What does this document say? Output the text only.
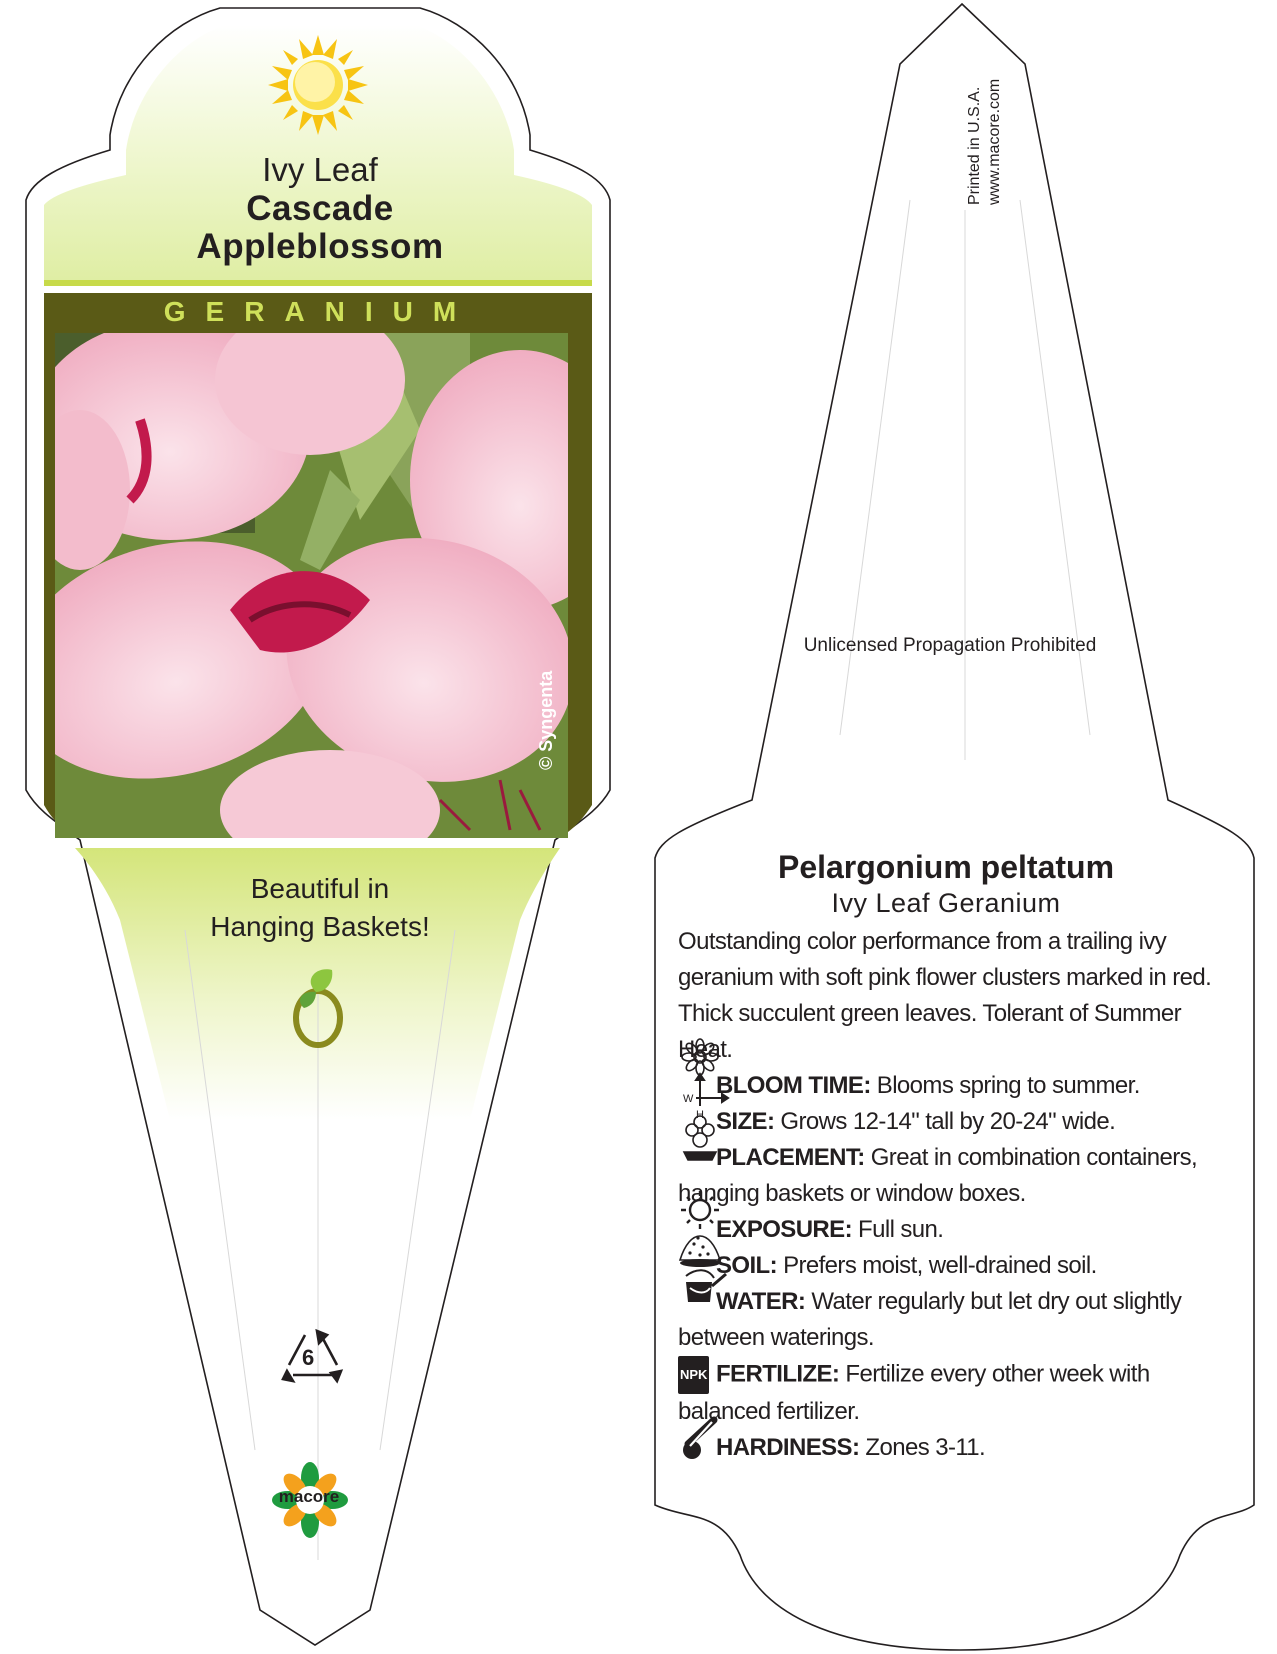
W
H
Ivy Leaf
Cascade
Appleblossom
GERANIUM
© Syngenta
Beautiful in
Hanging Baskets!
6
macore
Printed in U.S.A. www.macore.com
Unlicensed Propagation Prohibited
Pelargonium peltatum
Ivy Leaf Geranium
Outstanding color performance from a trailing ivy geranium with soft pink flower clusters marked in red. Thick succulent green leaves. Tolerant of Summer Heat.
BLOOM TIME: Blooms spring to summer.
SIZE: Grows 12-14" tall by 20-24" wide.
PLACEMENT: Great in combination containers, hanging baskets or window boxes.
EXPOSURE: Full sun.
SOIL: Prefers moist, well-drained soil.
WATER: Water regularly but let dry out slightly between waterings.
NPK FERTILIZE: Fertilize every other week with balanced fertilizer.
HARDINESS: Zones 3-11.
